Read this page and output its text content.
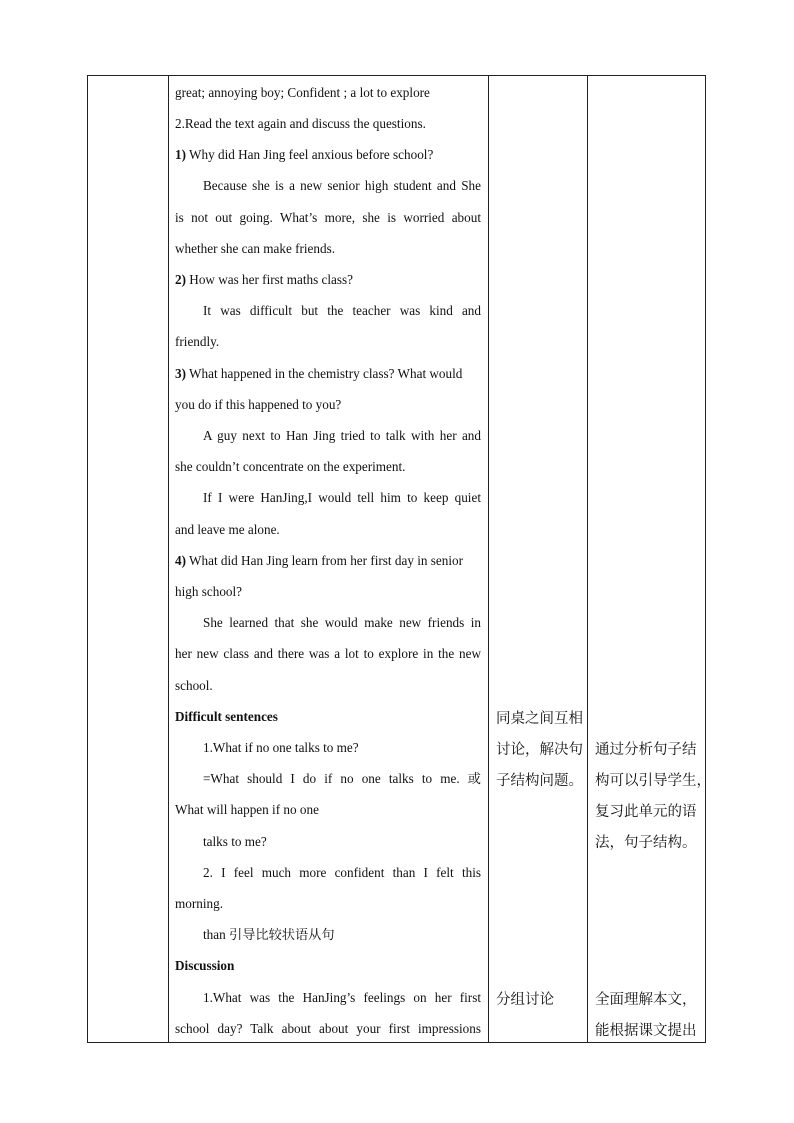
great; annoying boy; Confident ; a lot to explore
2.Read the text again and discuss the questions.
1) Why did Han Jing feel anxious before school?
Because she is a new senior high student and She
is not out going. What’s more, she is worried about
whether she can make friends.
2) How was her first maths class?
It was difficult but the teacher was kind and
friendly.
3) What happened in the chemistry class? What would
you do if this happened to you?
A guy next to Han Jing tried to talk with her and
she couldn’t concentrate on the experiment.
If I were HanJing,I would tell him to keep quiet
and leave me alone.
4) What did Han Jing learn from her first day in senior
high school?
She learned that she would make new friends in
her new class and there was a lot to explore in the new
school.
Difficult sentences
1.What if no one talks to me?
=What should I do if no one talks to me. 或
What will happen if no one
talks to me?
2. I feel much more confident than I felt this
morning.
than 引导比较状语从句
Discussion
1.What was the HanJing’s feelings on her first
school day? Talk about about your first impressions
同桌之间互相
讨论，解决句
子结构问题。
分组讨论
通过分析句子结
构可以引导学生，
复习此单元的语
法，句子结构。
全面理解本文，
能根据课文提出
